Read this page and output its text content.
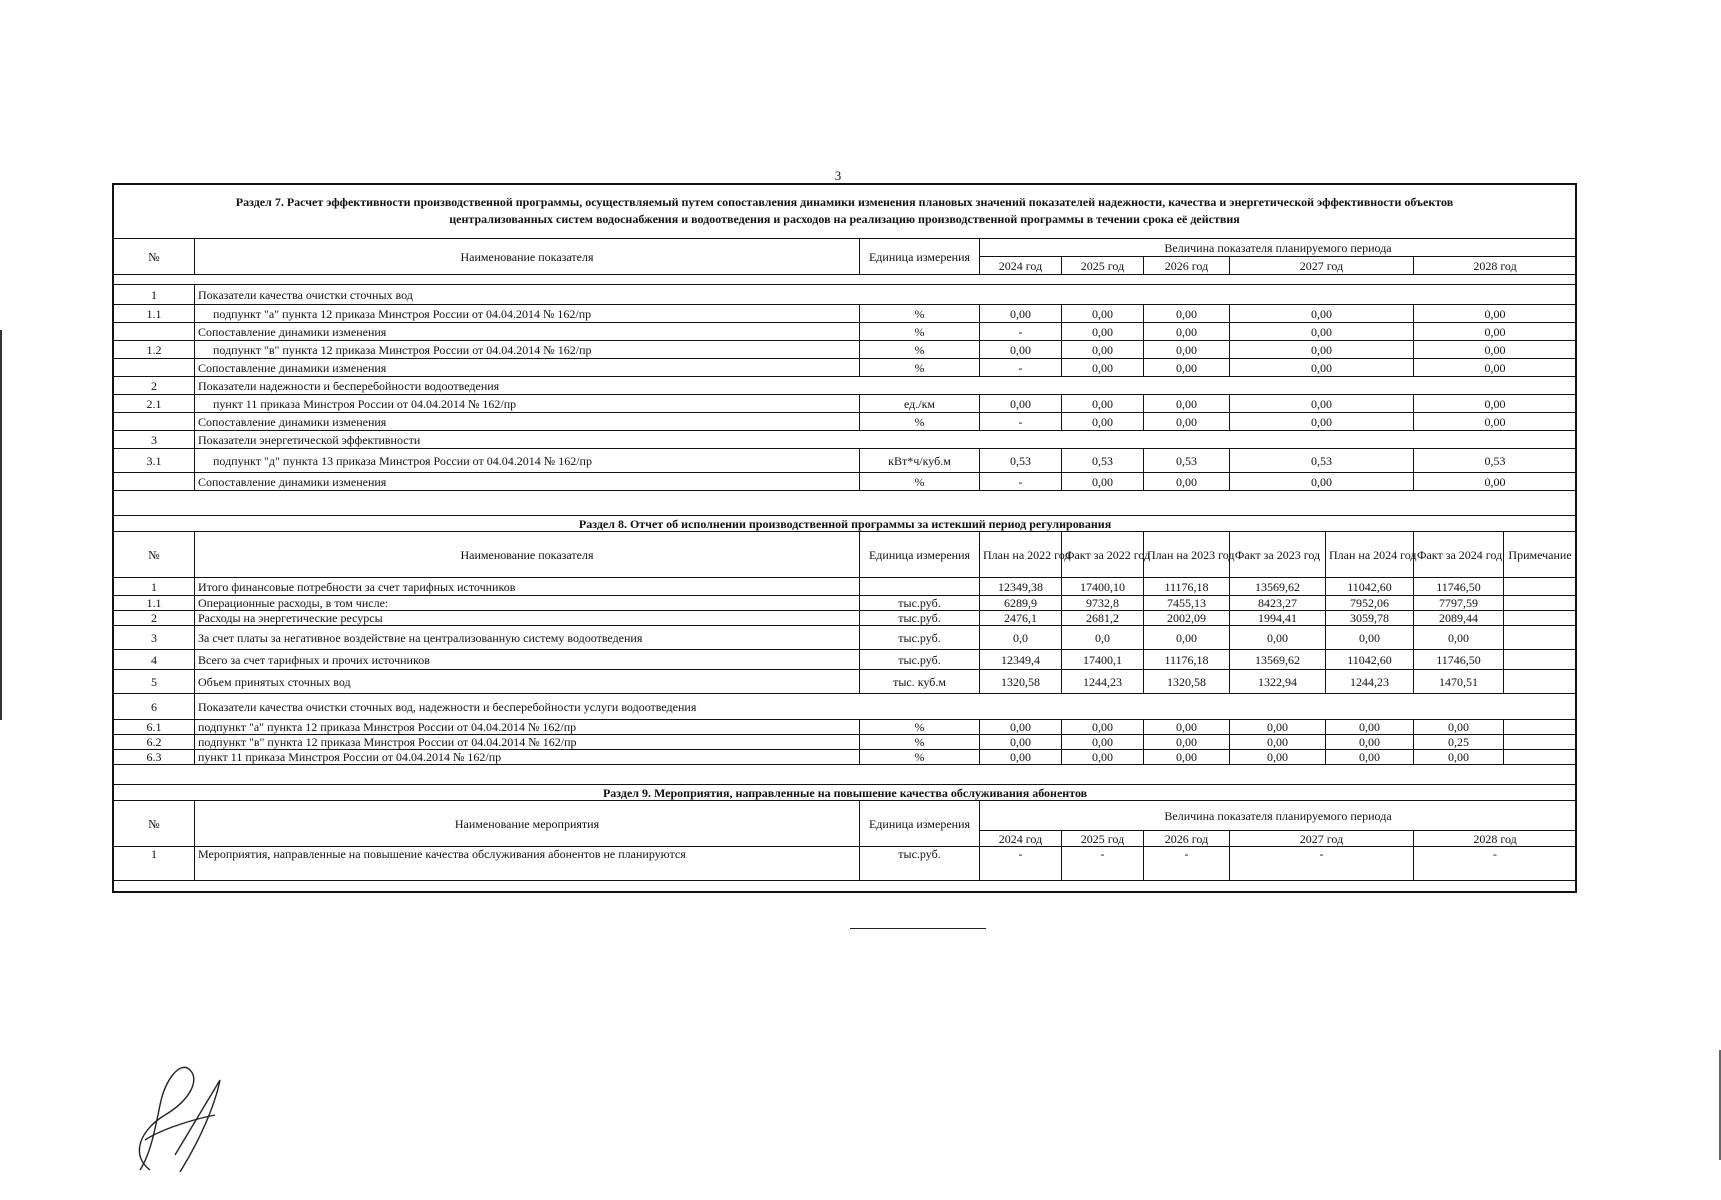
3
Раздел 7. Расчет эффективности производственной программы, осуществляемый путем сопоставления динамики изменения плановых значений показателей надежности, качества и энергетической эффективности объектов
централизованных систем водоснабжения и водоотведения и расходов на реализацию производственной программы в течении срока её действия
№	Наименование показателя	Единица измерения	Величина показателя планируемого периода				
			2024 год	2025 год	2026 год	2027 год	2028 год

1	Показатели качества очистки сточных вод						
1.1	подпункт "а" пункта 12 приказа Минстроя России от 04.04.2014 № 162/пр	%	0,00	0,00	0,00	0,00	0,00
	Сопоставление динамики изменения	%	-	0,00	0,00	0,00	0,00
1.2	подпункт "в" пункта 12 приказа Минстроя России от 04.04.2014 № 162/пр	%	0,00	0,00	0,00	0,00	0,00
	Сопоставление динамики изменения	%	-	0,00	0,00	0,00	0,00
2	Показатели надежности и бесперебойности водоотведения						
2.1	пункт 11 приказа Минстроя России от 04.04.2014 № 162/пр	ед./км	0,00	0,00	0,00	0,00	0,00
	Сопоставление динамики изменения	%	-	0,00	0,00	0,00	0,00
3	Показатели энергетической эффективности						
3.1	подпункт "д" пункта 13 приказа Минстроя России от 04.04.2014 № 162/пр	кВт*ч/куб.м	0,53	0,53	0,53	0,53	0,53
	Сопоставление динамики изменения	%	-	0,00	0,00	0,00	0,00
Раздел 8. Отчет об исполнении производственной программы за истекший период регулирования									
№	Наименование показателя	Единица измерения	План на 2022 год	Факт за 2022 год	План на 2023 год	Факт за 2023 год	План на 2024 год	Факт за 2024 год	Примечание
1	Итого финансовые потребности за счет тарифных источников		12349,38	17400,10	11176,18	13569,62	11042,60	11746,50	
1.1	Операционные расходы, в том числе:	тыс.руб.	6289,9	9732,8	7455,13	8423,27	7952,06	7797,59	
2	Расходы на энергетические ресурсы	тыс.руб.	2476,1	2681,2	2002,09	1994,41	3059,78	2089,44	
3	За счет платы за негативное воздействие на централизованную систему водоотведения	тыс.руб.	0,0	0,0	0,00	0,00	0,00	0,00	
4	Всего за счет тарифных и прочих источников	тыс.руб.	12349,4	17400,1	11176,18	13569,62	11042,60	11746,50	
5	Объем принятых сточных вод	тыс. куб.м	1320,58	1244,23	1320,58	1322,94	1244,23	1470,51	
6	Показатели качества очистки сточных вод, надежности и бесперебойности услуги водоотведения								
6.1	подпункт "а" пункта 12 приказа Минстроя России от 04.04.2014 № 162/пр	%	0,00	0,00	0,00	0,00	0,00	0,00	
6.2	подпункт "в" пункта 12 приказа Минстроя России от 04.04.2014 № 162/пр	%	0,00	0,00	0,00	0,00	0,00	0,25	
6.3	пункт 11 приказа Минстроя России от 04.04.2014 № 162/пр	%	0,00	0,00	0,00	0,00	0,00	0,00	
Раздел 9. Мероприятия, направленные на повышение качества обслуживания абонентов							
№	Наименование мероприятия	Единица измерения	Величина показателя планируемого периода				
			2024 год	2025 год	2026 год	2027 год	2028 год
1	Мероприятия, направленные на повышение качества обслуживания абонентов не планируются	тыс.руб.	-	-	-	-	-
